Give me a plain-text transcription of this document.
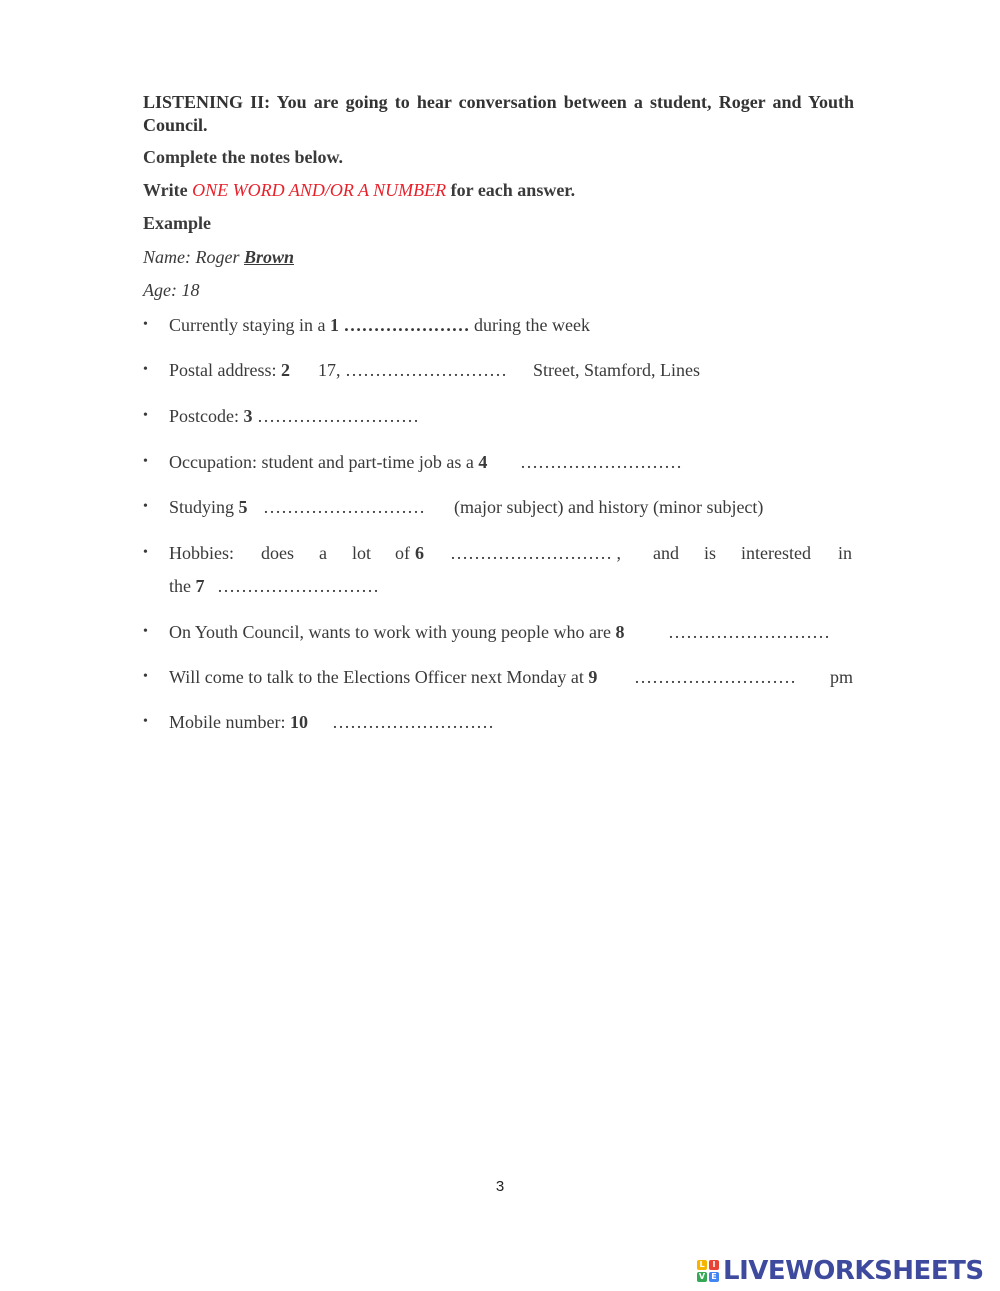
LISTENING II: You are going to hear conversation between a student, Roger and Youth Council.
Complete the notes below.
Write ONE WORD AND/OR A NUMBER for each answer.
Example
Name: Roger Brown
Age: 18
• Currently staying in a 1 ………………… during the week
• Postal address: 2 17, ……………………… Street, Stamford, Lines
• Postcode: 3 ………………………
• Occupation: student and part-time job as a 4 ………………………
• Studying 5 ……………………… (major subject) and history (minor subject)
• Hobbies: does a lot of 6 ……………………… , and is interested in
the 7 ………………………
• On Youth Council, wants to work with young people who are 8 ………………………
• Will come to talk to the Elections Officer next Monday at 9 ……………………… pm
• Mobile number: 10 ………………………
3
L I
V E LIVEWORKSHEETS
